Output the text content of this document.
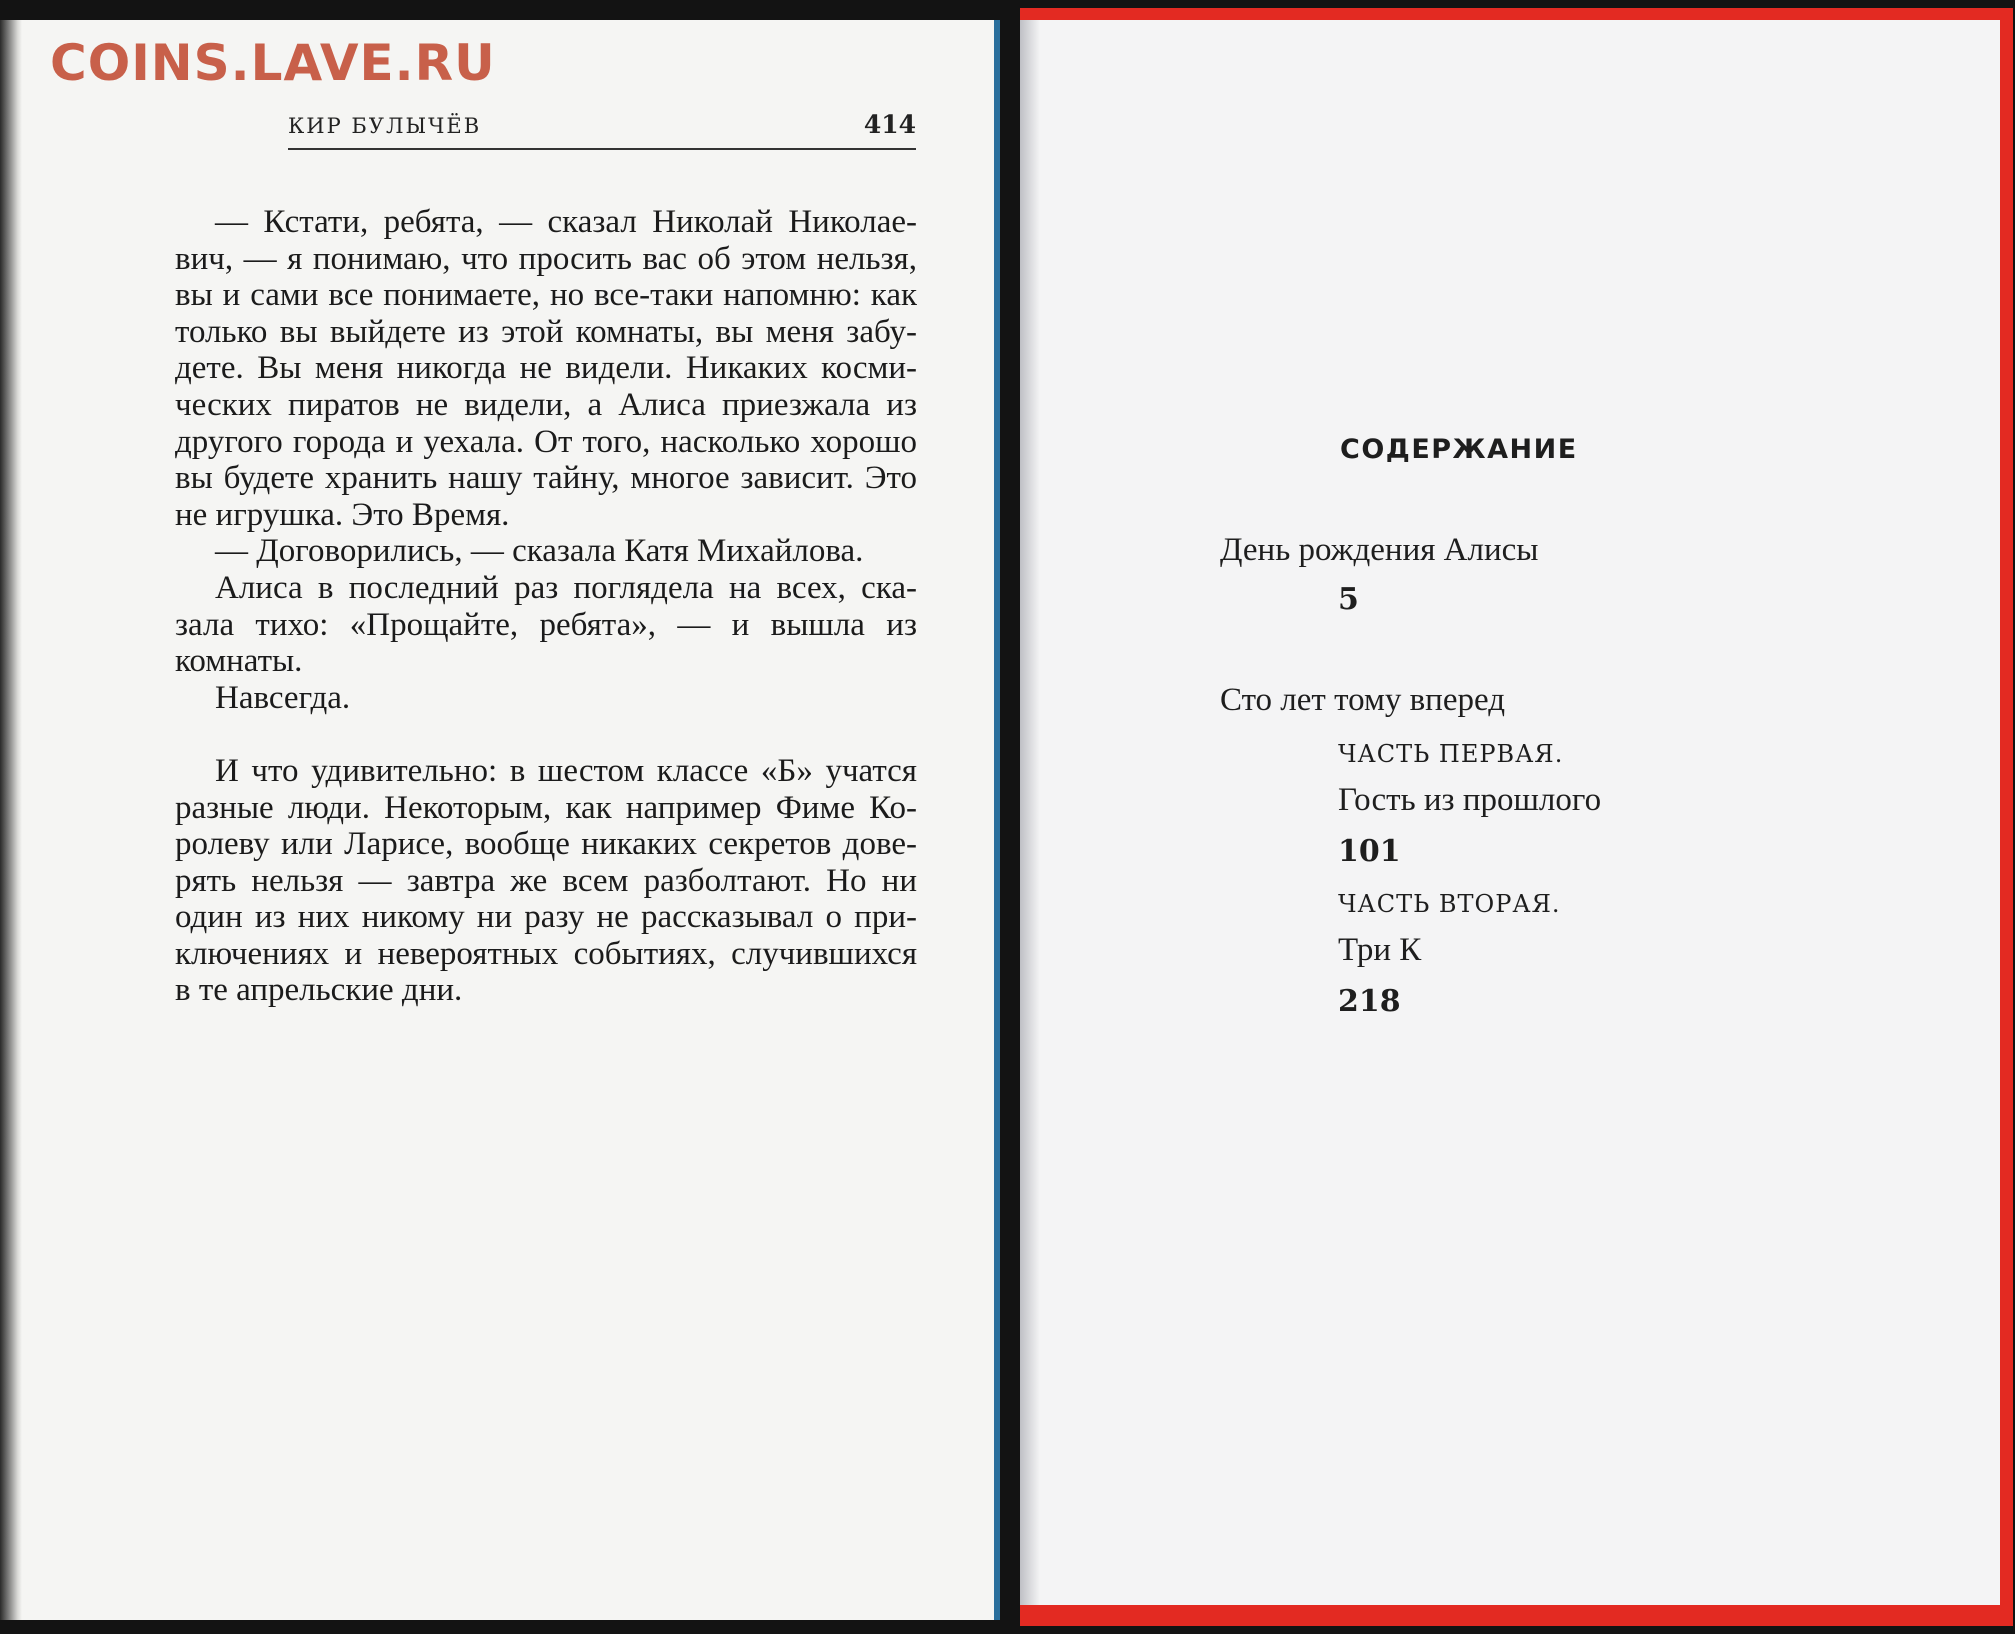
COINS.LAVE.RU
КИР БУЛЫЧЁВ	414
— Кстати, ребята, — сказал Николай Николае-
вич, — я понимаю, что просить вас об этом нельзя,
вы и сами все понимаете, но все-таки напомню: как
только вы выйдете из этой комнаты, вы меня забу-
дете. Вы меня никогда не видели. Никаких косми-
ческих пиратов не видели, а Алиса приезжала из
другого города и уехала. От того, насколько хорошо
вы будете хранить нашу тайну, многое зависит. Это
не игрушка. Это Время.
— Договорились, — сказала Катя Михайлова.
Алиса в последний раз поглядела на всех, ска-
зала тихо: «Прощайте, ребята», — и вышла из
комнаты.
Навсегда.
И что удивительно: в шестом классе «Б» учатся
разные люди. Некоторым, как например Фиме Ко-
ролеву или Ларисе, вообще никаких секретов дове-
рять нельзя — завтра же всем разболтают. Но ни
один из них никому ни разу не рассказывал о при-
ключениях и невероятных событиях, случившихся
в те апрельские дни.
СОДЕРЖАНИЕ
День рождения Алисы
5
Сто лет тому вперед
ЧАСТЬ ПЕРВАЯ.
Гость из прошлого
101
ЧАСТЬ ВТОРАЯ.
Три К
218
